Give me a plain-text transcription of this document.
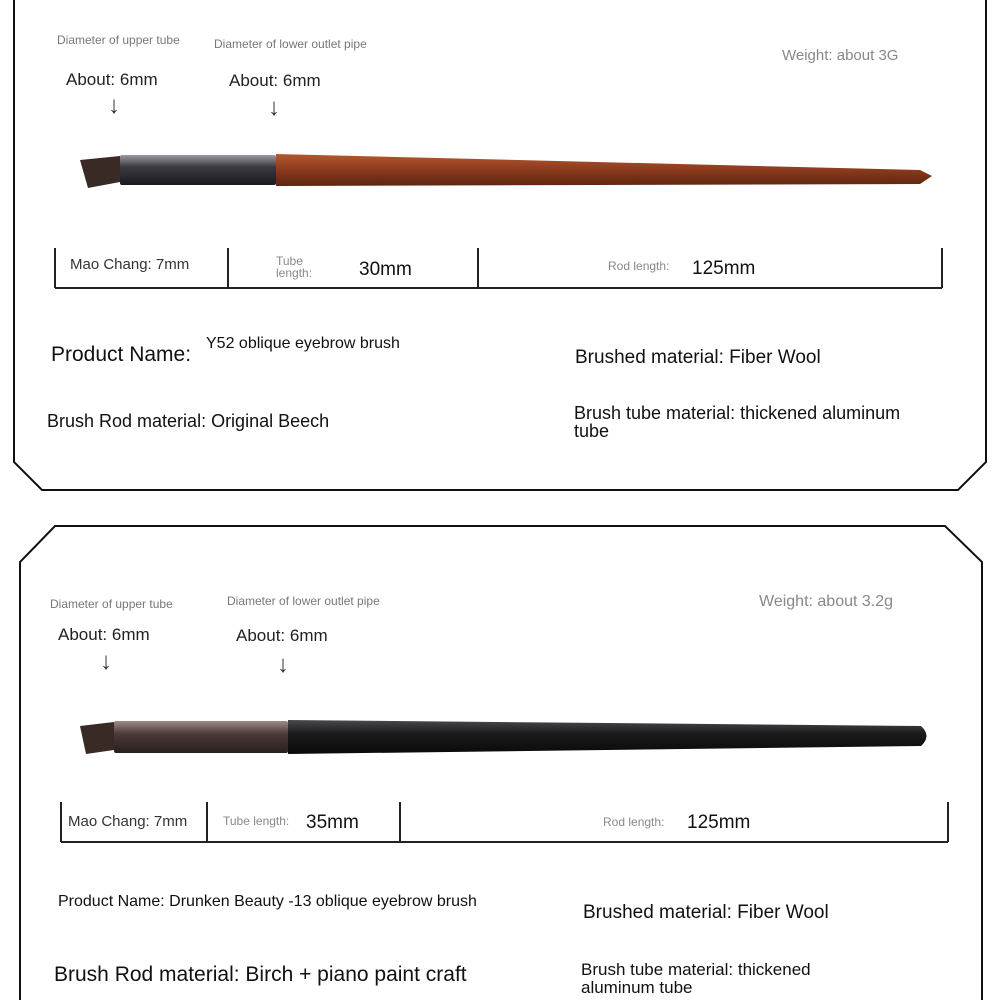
Diameter of upper tube
About: 6mm
↓
Diameter of lower outlet pipe
About: 6mm
↓
Weight: about 3G
Mao Chang: 7mm	Tube length:	30mm	Rod length: 125mm
Product Name: Y52 oblique eyebrow brush
Brushed material: Fiber Wool
Brush Rod material: Original Beech	Brush tube material: thickened aluminum tube
Diameter of upper tube
About: 6mm
↓
Diameter of lower outlet pipe
About: 6mm
↓
Weight: about 3.2g
Mao Chang: 7mm	Tube length: 35mm	Rod length: 125mm
Product Name: Drunken Beauty -13 oblique eyebrow brush
Brushed material: Fiber Wool
Brush Rod material: Birch + piano paint craft	Brush tube material: thickened aluminum tube
